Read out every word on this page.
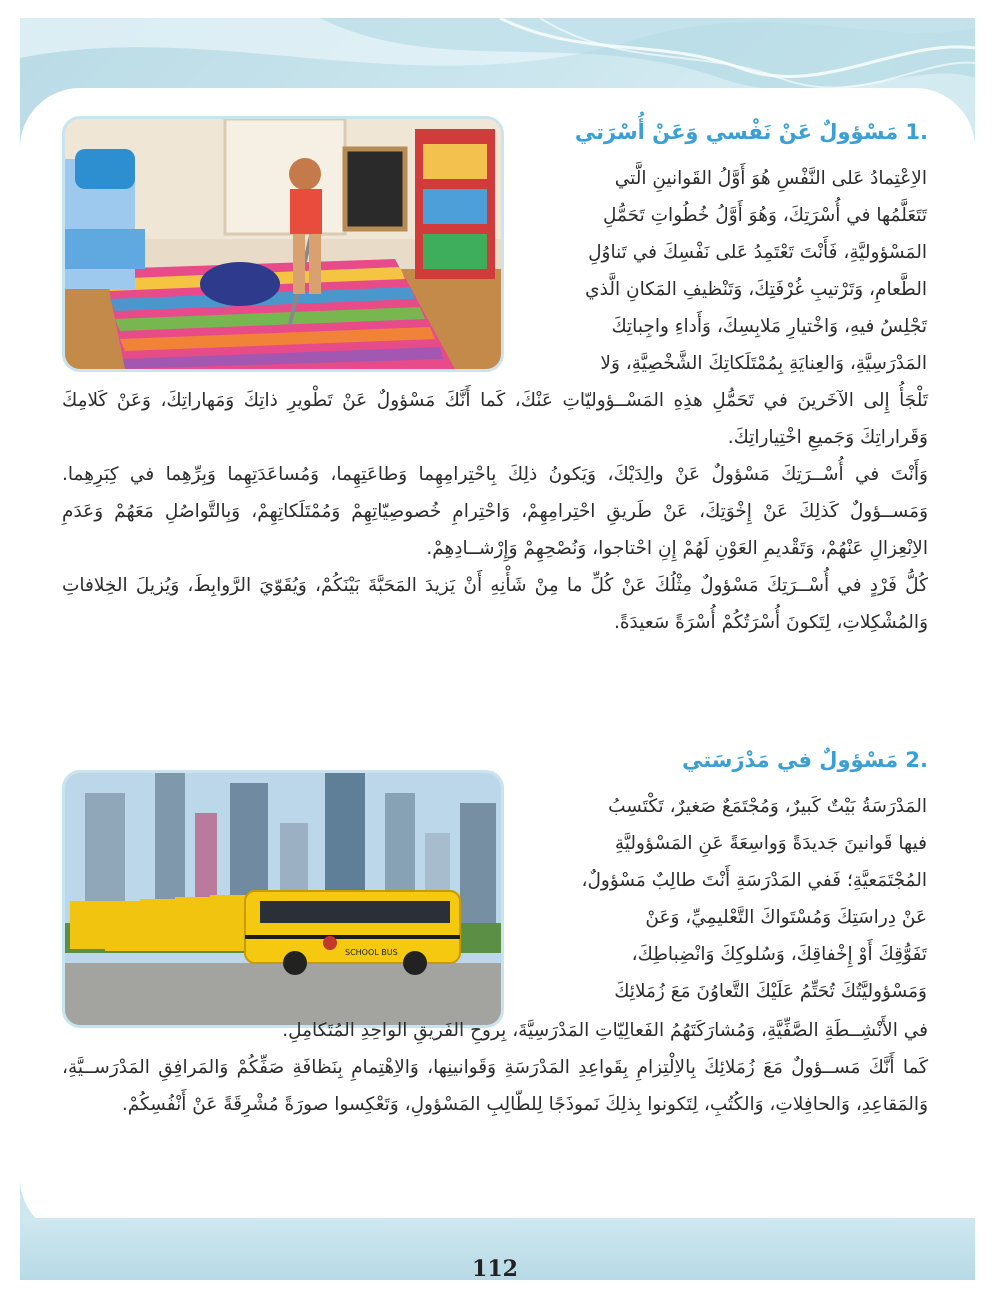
1. مَسْؤولٌ عَنْ نَفْسي وَعَنْ أُسْرَتي

الاِعْتِمادُ عَلى النَّفْسِ هُوَ أَوَّلُ القَوانينِ الَّتي

تَتَعَلَّمُها في أُسْرَتِكَ، وَهُوَ أَوَّلُ خُطُواتِ تَحَمُّلِ

المَسْؤوليَّةِ، فَأَنْتَ تَعْتَمِدُ عَلى نَفْسِكَ في تَناوُلِ

الطَّعامِ، وَتَرْتيبِ غُرْفَتِكَ، وَتَنْظيفِ المَكانِ الَّذي

تَجْلِسُ فيهِ، وَاخْتيارِ مَلابِسِكَ، وَأَداءِ واجِباتِكَ

المَدْرَسِيَّةِ، وَالعِنايَةِ بِمُمْتَلَكاتِكَ الشَّخْصِيَّةِ، وَلا

تَلْجَأُ إِلى الآخَرينَ في تَحَمُّلِ هذِهِ المَسْــؤوليّاتِ عَنْكَ، كَما أَنَّكَ مَسْؤولٌ عَنْ تَطْويرِ ذاتِكَ وَمَهاراتِكَ، وَعَنْ كَلامِكَ وَقَراراتِكَ وَجَميعِ اخْتِياراتِكَ.

وَأَنْتَ في أُسْــرَتِكَ مَسْؤولٌ عَنْ والِدَيْكَ، وَيَكونُ ذلِكَ بِاحْتِرامِهِما وَطاعَتِهِما، وَمُساعَدَتِهِما وَبِرِّهِما في كِبَرِهِما. وَمَســؤولٌ كَذلِكَ عَنْ إِخْوَتِكَ، عَنْ طَريقِ احْتِرامِهِمْ، وَاحْتِرامِ خُصوصِيّاتِهِمْ وَمُمْتَلَكاتِهِمْ، وَبِالتَّواصُلِ مَعَهُمْ وَعَدَمِ الاِنْعِزالِ عَنْهُمْ، وَتَقْديمِ العَوْنِ لَهُمْ إِنِ احْتاجوا، وَنُصْحِهِمْ وَإِرْشــادِهِمْ.

كُلُّ فَرْدٍ في أُسْــرَتِكَ مَسْؤولٌ مِثْلُكَ عَنْ كُلِّ ما مِنْ شَأْنِهِ أَنْ يَزيدَ المَحَبَّةَ بَيْنَكُمْ، وَيُقَوّيَ الرَّوابِطَ، وَيُزيلَ الخِلافاتِ وَالمُشْكِلاتِ، لِتَكونَ أُسْرَتُكُمْ أُسْرَةً سَعيدَةً.

2. مَسْؤولٌ في مَدْرَسَتي
SCHOOL BUS

المَدْرَسَةُ بَيْتٌ كَبيرٌ، وَمُجْتَمَعٌ صَغيرٌ، تَكْتَسِبُ

فيها قَوانينَ جَديدَةً وَواسِعَةً عَنِ المَسْؤوليَّةِ

المُجْتَمَعيَّةِ؛ فَفي المَدْرَسَةِ أَنْتَ طالِبٌ مَسْؤولٌ،

عَنْ دِراسَتِكَ وَمُسْتَواكَ التَّعْليمِيِّ، وَعَنْ

تَفَوُّقِكَ أَوْ إِخْفاقِكَ، وَسُلوكِكَ وَانْضِباطِكَ،

وَمَسْؤوليَّتُكَ تُحَتِّمُ عَلَيْكَ التَّعاوُنَ مَعَ زُمَلائِكَ

في الأَنْشِــطَةِ الصَّفِّيَّةِ، وَمُشارَكَتَهُمُ الفَعالِيّاتِ المَدْرَسِيَّةَ، بِروحِ الفَريقِ الواحِدِ المُتَكامِلِ.

كَما أَنَّكَ مَســؤولٌ مَعَ زُمَلائِكَ بِالاِلْتِزامِ بِقَواعِدِ المَدْرَسَةِ وَقَوانينِها، وَالاِهْتِمامِ بِنَظافَةِ صَفِّكُمْ وَالمَرافِقِ المَدْرَســيَّةِ، وَالمَقاعِدِ، وَالحافِلاتِ، وَالكُتُبِ، لِتَكونوا بِذلِكَ نَموذَجًا لِلطّالِبِ المَسْؤولِ، وَتَعْكِسوا صورَةً مُشْرِقَةً عَنْ أَنْفُسِكُمْ.

112
